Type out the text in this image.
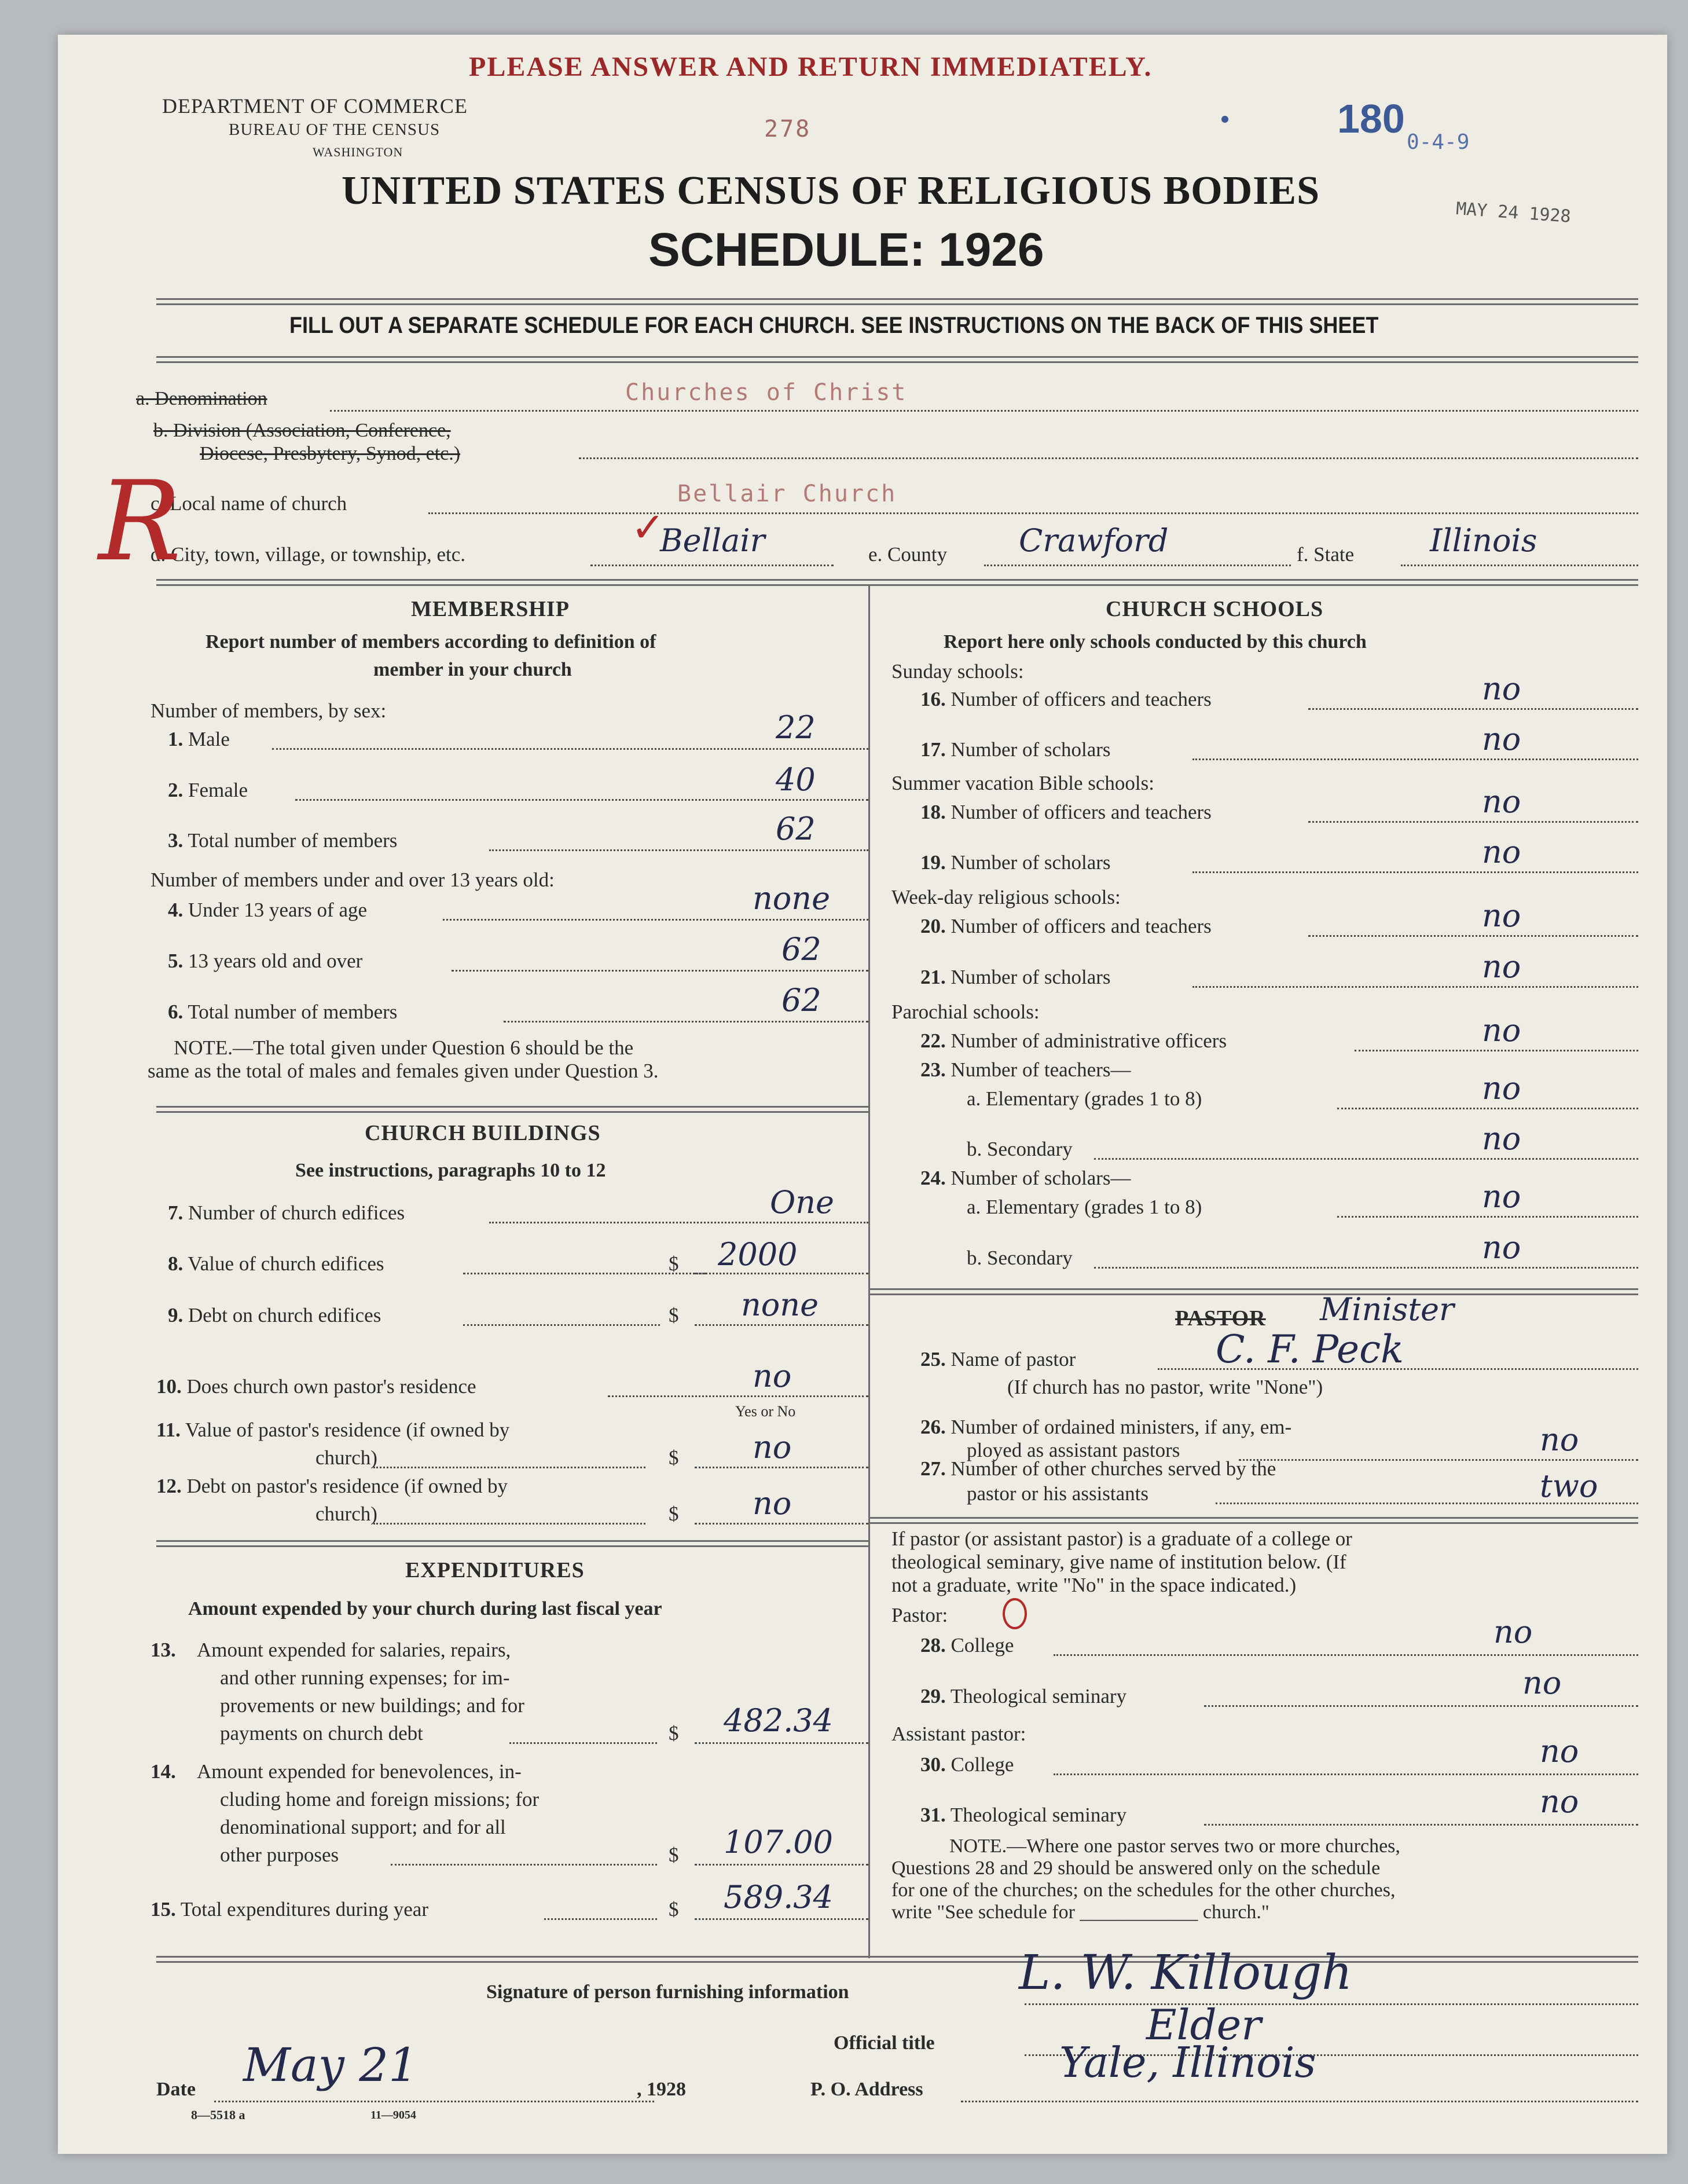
PLEASE ANSWER AND RETURN IMMEDIATELY.
DEPARTMENT OF COMMERCE
BUREAU OF THE CENSUS
WASHINGTON
278	180
0-4-9
MAY 24 1928
UNITED STATES CENSUS OF RELIGIOUS BODIES
SCHEDULE: 1926
FILL OUT A SEPARATE SCHEDULE FOR EACH CHURCH. SEE INSTRUCTIONS ON THE BACK OF THIS SHEET
a. Denomination	Churches of Christ
b. Division (Association, Conference,
Diocese, Presbytery, Synod, etc.)
c. Local name of church	Bellair Church
d. City, town, village, or township, etc.	Bellair	e. County Crawford	f. State Illinois
R	✓
MEMBERSHIP
Report number of members according to definition of
member in your church
Number of members, by sex:
1. Male	22
2. Female	40
3. Total number of members	62
Number of members under and over 13 years old:
4. Under 13 years of age	none
5. 13 years old and over	62
6. Total number of members	62
NOTE.—The total given under Question 6 should be the
same as the total of males and females given under Question 3.
CHURCH BUILDINGS
See instructions, paragraphs 10 to 12
7. Number of church edifices	One
8. Value of church edifices	$ 2000
9. Debt on church edifices	$ none
10. Does church own pastor's residence	no
Yes or No
11. Value of pastor's residence (if owned by
church)	$ no
12. Debt on pastor's residence (if owned by
church)	$ no
EXPENDITURES
Amount expended by your church during last fiscal year
13. Amount expended for salaries, repairs,
and other running expenses; for im-
provements or new buildings; and for
payments on church debt	$ 482.34
14. Amount expended for benevolences, in-
cluding home and foreign missions; for
denominational support; and for all
other purposes	$ 107.00
15. Total expenditures during year	$ 589.34
CHURCH SCHOOLS
Report here only schools conducted by this church
Sunday schools:
16. Number of officers and teachers	no
17. Number of scholars	no
Summer vacation Bible schools:
18. Number of officers and teachers	no
19. Number of scholars	no
Week-day religious schools:
20. Number of officers and teachers	no
21. Number of scholars	no
Parochial schools:
22. Number of administrative officers	no
23. Number of teachers—
a. Elementary (grades 1 to 8)	no
b. Secondary	no
24. Number of scholars—
a. Elementary (grades 1 to 8)	no
b. Secondary	no
PASTOR Minister
25. Name of pastor	C. F. Peck
(If church has no pastor, write "None")
26. Number of ordained ministers, if any, em-
ployed as assistant pastors	no
27. Number of other churches served by the
pastor or his assistants	two
If pastor (or assistant pastor) is a graduate of a college or
theological seminary, give name of institution below. (If
not a graduate, write "No" in the space indicated.)
Pastor:
28. College	no
29. Theological seminary	no
Assistant pastor:
30. College	no
31. Theological seminary	no
NOTE.—Where one pastor serves two or more churches,
Questions 28 and 29 should be answered only on the schedule
for one of the churches; on the schedules for the other churches,
write "See schedule for ____________ church."
Signature of person furnishing information	L. W. Killough
Official title	Elder
Date May 21	, 1928	P. O. Address
Yale, Illinois
8—5518 a	11—9054
